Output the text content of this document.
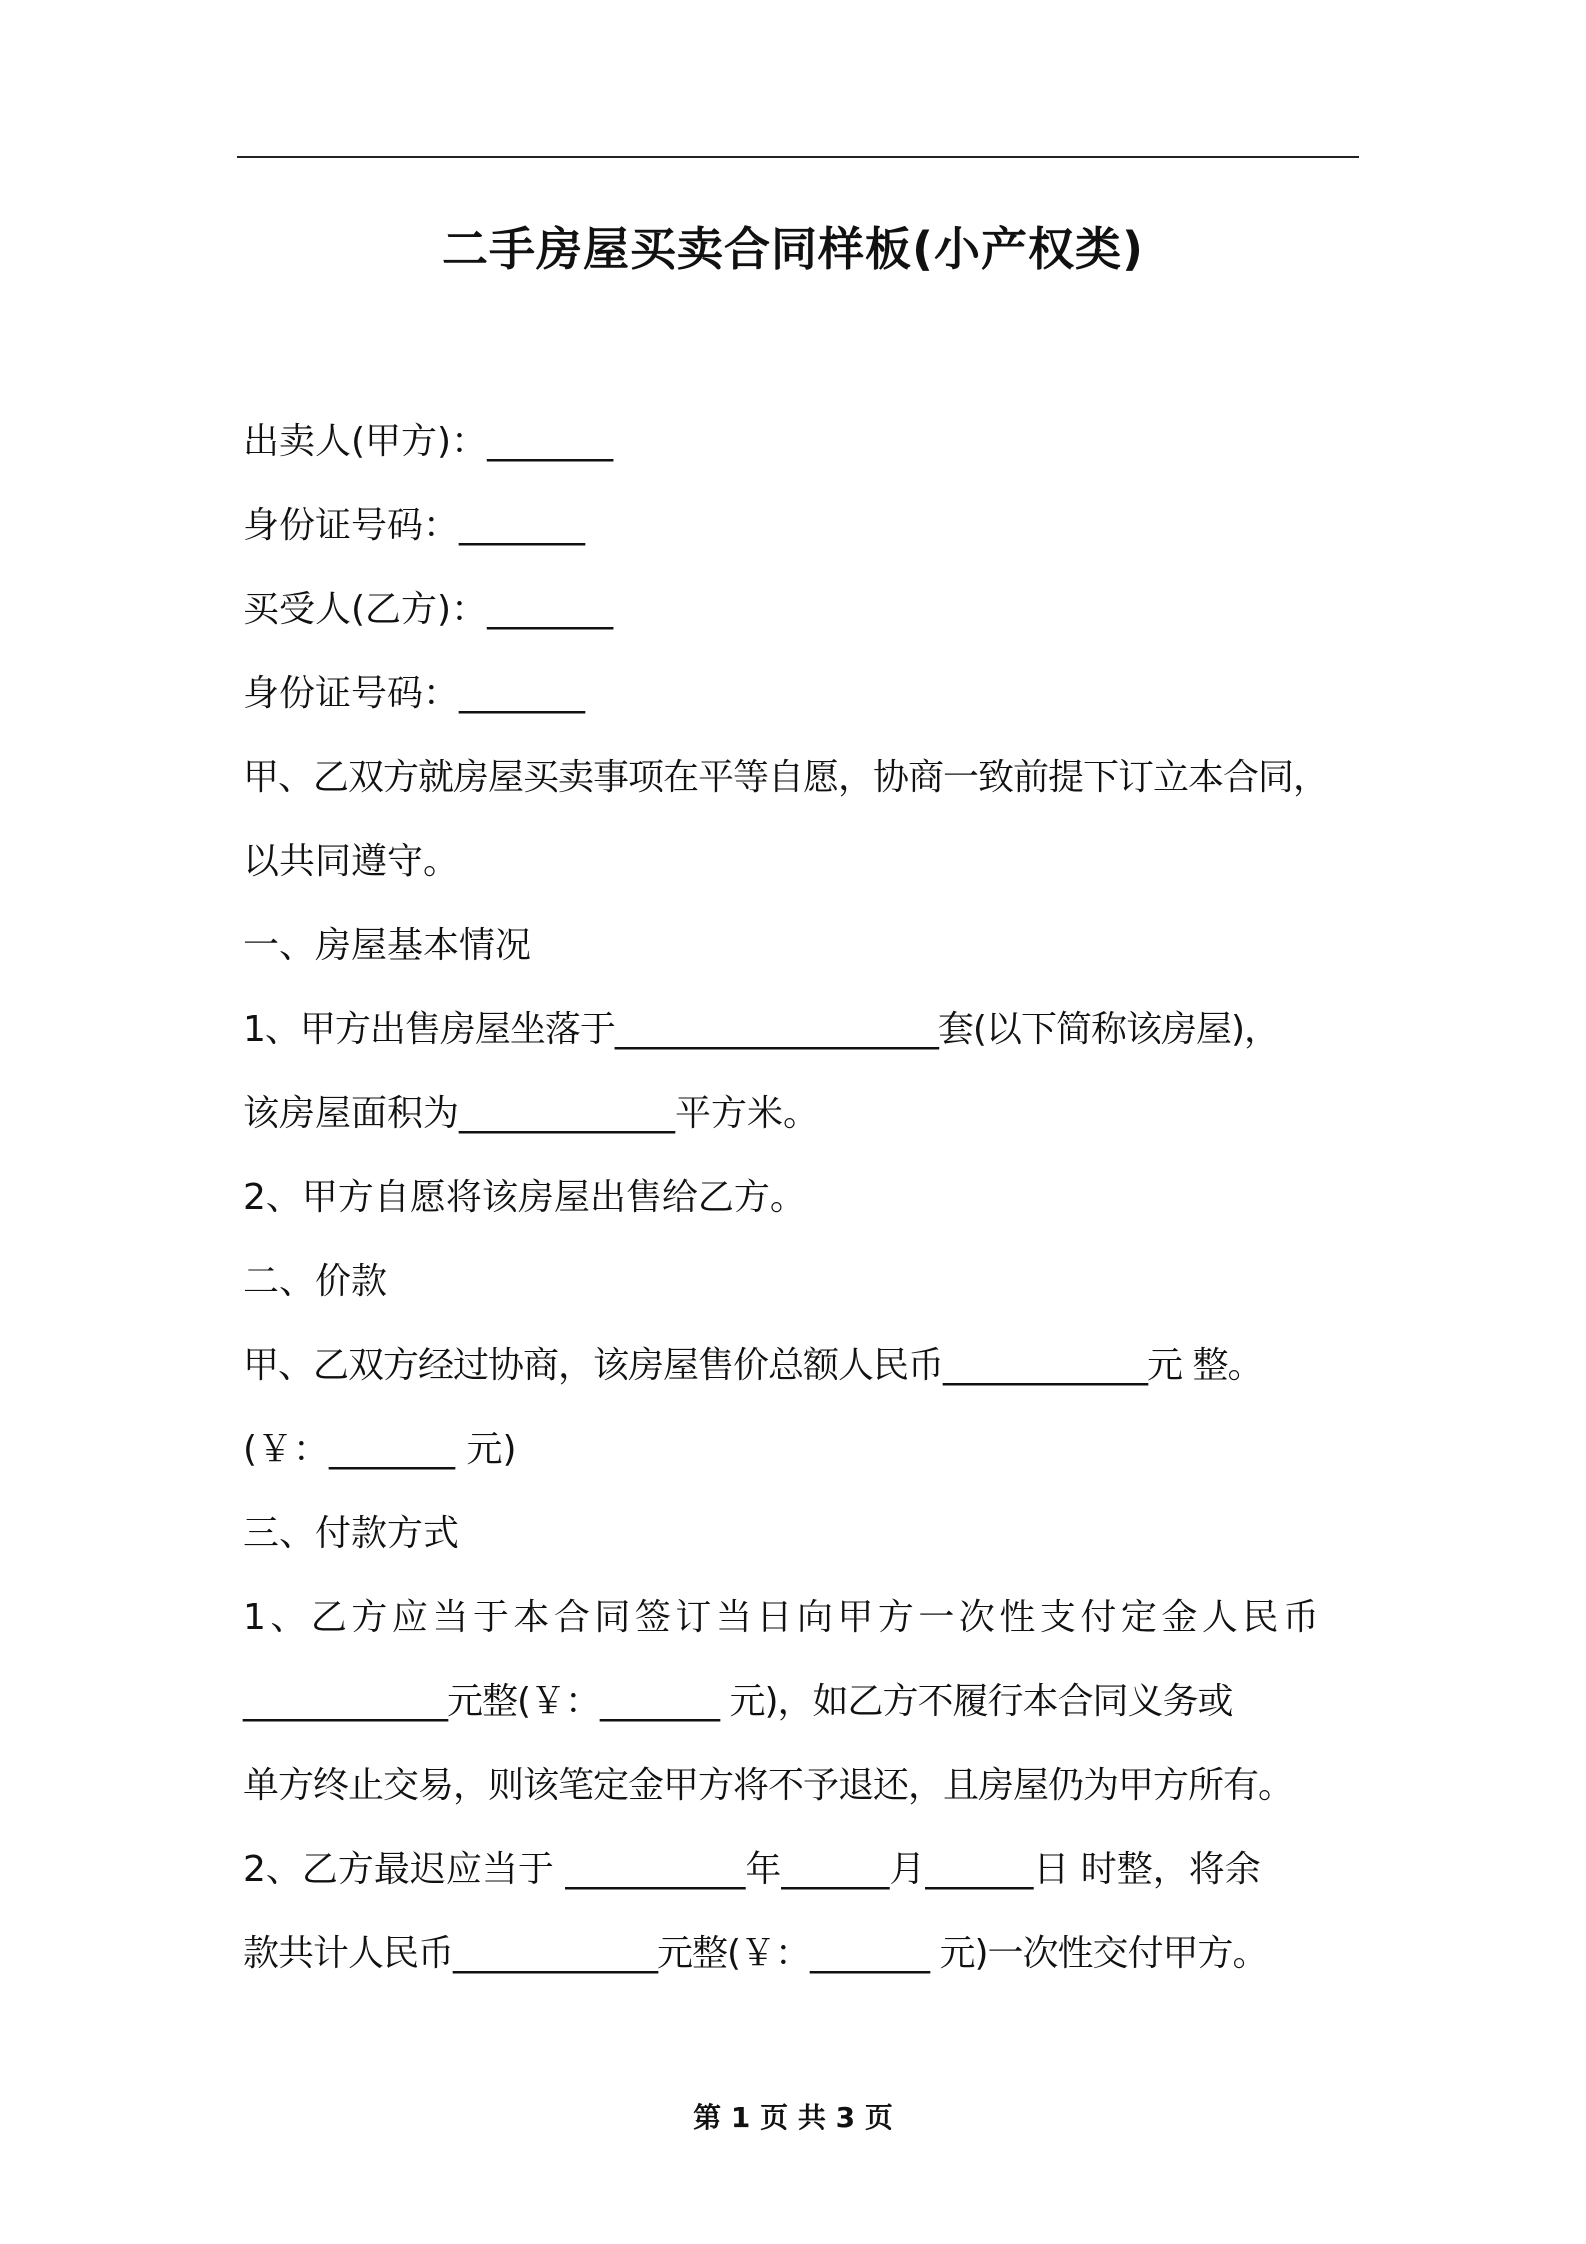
二手房屋买卖合同样板(小产权类)
出卖人(甲方)：_______
身份证号码：_______
买受人(乙方)：_______
身份证号码：_______
甲、乙双方就房屋买卖事项在平等自愿，协商一致前提下订立本合同，
以共同遵守。
一、房屋基本情况
1、甲方出售房屋坐落于___________________套(以下简称该房屋)，
该房屋面积为____________平方米。
2、甲方自愿将该房屋出售给乙方。
二、价款
甲、乙双方经过协商，该房屋售价总额人民币____________元 整。
(￥：_______ 元)
三、付款方式
1、乙方应当于本合同签订当日向甲方一次性支付定金人民币
____________元整(￥：_______ 元)，如乙方不履行本合同义务或
单方终止交易，则该笔定金甲方将不予退还，且房屋仍为甲方所有。
2、乙方最迟应当于 __________年______月______日 时整，将余
款共计人民币____________元整(￥：_______ 元)一次性交付甲方。
第 1 页 共 3 页
